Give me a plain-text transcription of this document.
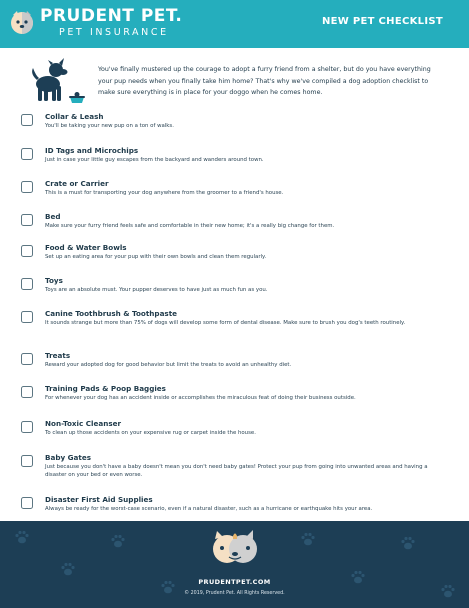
PRUDENT PET.
PET INSURANCE
NEW PET CHECKLIST
You've finally mustered up the courage to adopt a furry friend from a shelter, but do you have everything your pup needs when you finally take him home? That's why we've compiled a dog adoption checklist to make sure everything is in place for your doggo when he comes home.
Collar & Leash
You'll be taking your new pup on a ton of walks.
ID Tags and Microchips
Just in case your little guy escapes from the backyard and wanders around town.
Crate or Carrier
This is a must for transporting your dog anywhere from the groomer to a friend's house.
Bed
Make sure your furry friend feels safe and comfortable in their new home; it's a really big change for them.
Food & Water Bowls
Set up an eating area for your pup with their own bowls and clean them regularly.
Toys
Toys are an absolute must. Your pupper deserves to have just as much fun as you.
Canine Toothbrush & Toothpaste
It sounds strange but more than 75% of dogs will develop some form of dental disease. Make sure to brush you dog's teeth routinely.
Treats
Reward your adopted dog for good behavior but limit the treats to avoid an unhealthy diet.
Training Pads & Poop Baggies
For whenever your dog has an accident inside or accomplishes the miraculous feat of doing their business outside.
Non-Toxic Cleanser
To clean up those accidents on your expensive rug or carpet inside the house.
Baby Gates
Just because you don't have a baby doesn't mean you don't need baby gates! Protect your pup from going into unwanted areas and having a disaster on your bed or even worse.
Disaster First Aid Supplies
Always be ready for the worst-case scenario, even if a natural disaster, such as a hurricane or earthquake hits your area.
PRUDENTPET.COM
© 2019, Prudent Pet. All Rights Reserved.
